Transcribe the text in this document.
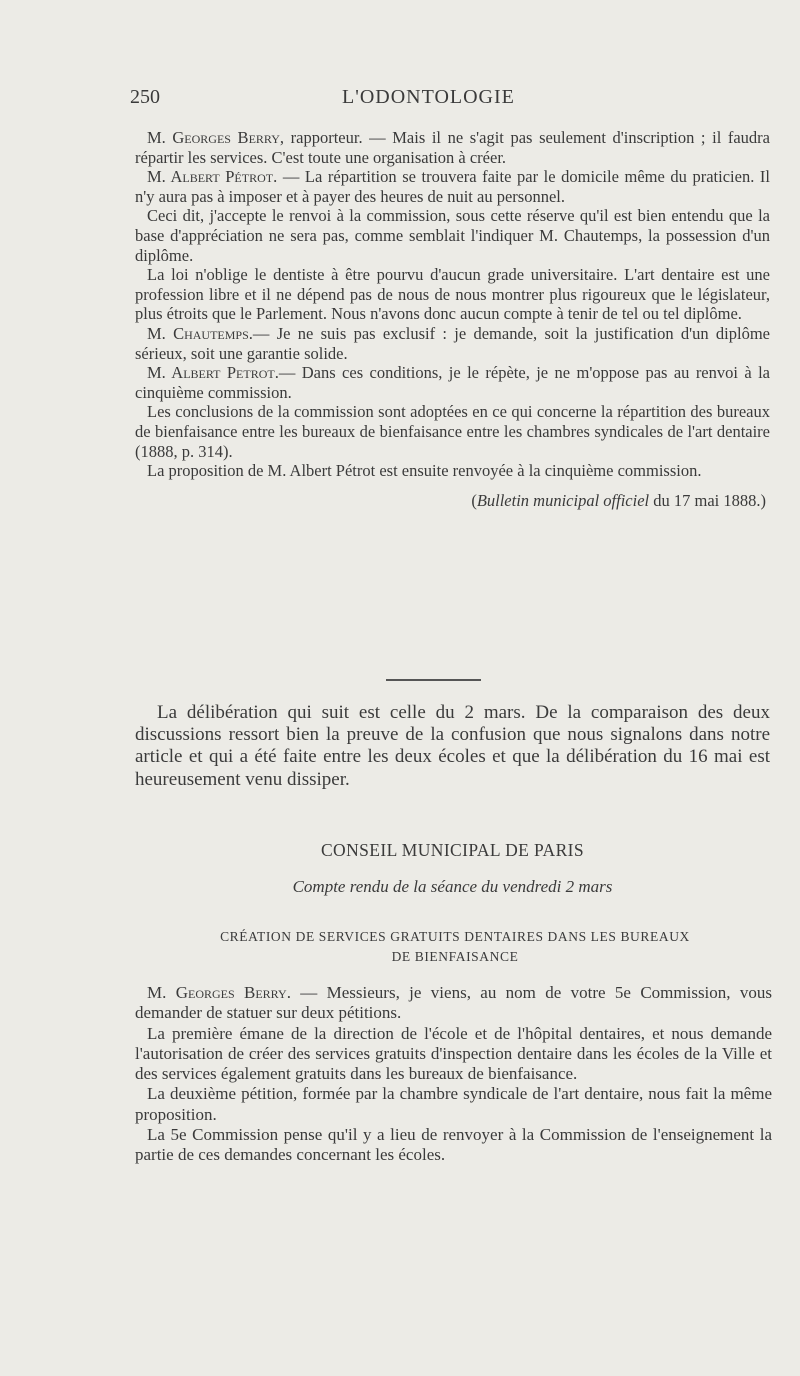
250	L'ODONTOLOGIE

M. Georges Berry, rapporteur. — Mais il ne s'agit pas seulement d'inscription ; il faudra répartir les services. C'est toute une organisation à créer.

M. Albert Pétrot. — La répartition se trouvera faite par le domicile même du praticien. Il n'y aura pas à imposer et à payer des heures de nuit au personnel.

Ceci dit, j'accepte le renvoi à la commission, sous cette réserve qu'il est bien entendu que la base d'appréciation ne sera pas, comme semblait l'indiquer M. Chautemps, la possession d'un diplôme.

La loi n'oblige le dentiste à être pourvu d'aucun grade universitaire. L'art dentaire est une profession libre et il ne dépend pas de nous de nous montrer plus rigoureux que le législateur, plus étroits que le Parlement. Nous n'avons donc aucun compte à tenir de tel ou tel diplôme.

M. Chautemps.— Je ne suis pas exclusif : je demande, soit la justification d'un diplôme sérieux, soit une garantie solide.

M. Albert Petrot.— Dans ces conditions, je le répète, je ne m'oppose pas au renvoi à la cinquième commission.

Les conclusions de la commission sont adoptées en ce qui concerne la répartition des bureaux de bienfaisance entre les bureaux de bienfaisance entre les chambres syndicales de l'art dentaire (1888, p. 314).

La proposition de M. Albert Pétrot est ensuite renvoyée à la cinquième commission.

(Bulletin municipal officiel du 17 mai 1888.)

La délibération qui suit est celle du 2 mars. De la comparaison des deux discussions ressort bien la preuve de la confusion que nous signalons dans notre article et qui a été faite entre les deux écoles et que la délibération du 16 mai est heureusement venu dissiper.

CONSEIL MUNICIPAL DE PARIS
Compte rendu de la séance du vendredi 2 mars
CRÉATION DE SERVICES GRATUITS DENTAIRES DANS LES BUREAUX
DE BIENFAISANCE

M. Georges Berry. — Messieurs, je viens, au nom de votre 5e Commission, vous demander de statuer sur deux pétitions.

La première émane de la direction de l'école et de l'hôpital dentaires, et nous demande l'autorisation de créer des services gratuits d'inspection dentaire dans les écoles de la Ville et des services également gratuits dans les bureaux de bienfaisance.

La deuxième pétition, formée par la chambre syndicale de l'art dentaire, nous fait la même proposition.

La 5e Commission pense qu'il y a lieu de renvoyer à la Commission de l'enseignement la partie de ces demandes concernant les écoles.
